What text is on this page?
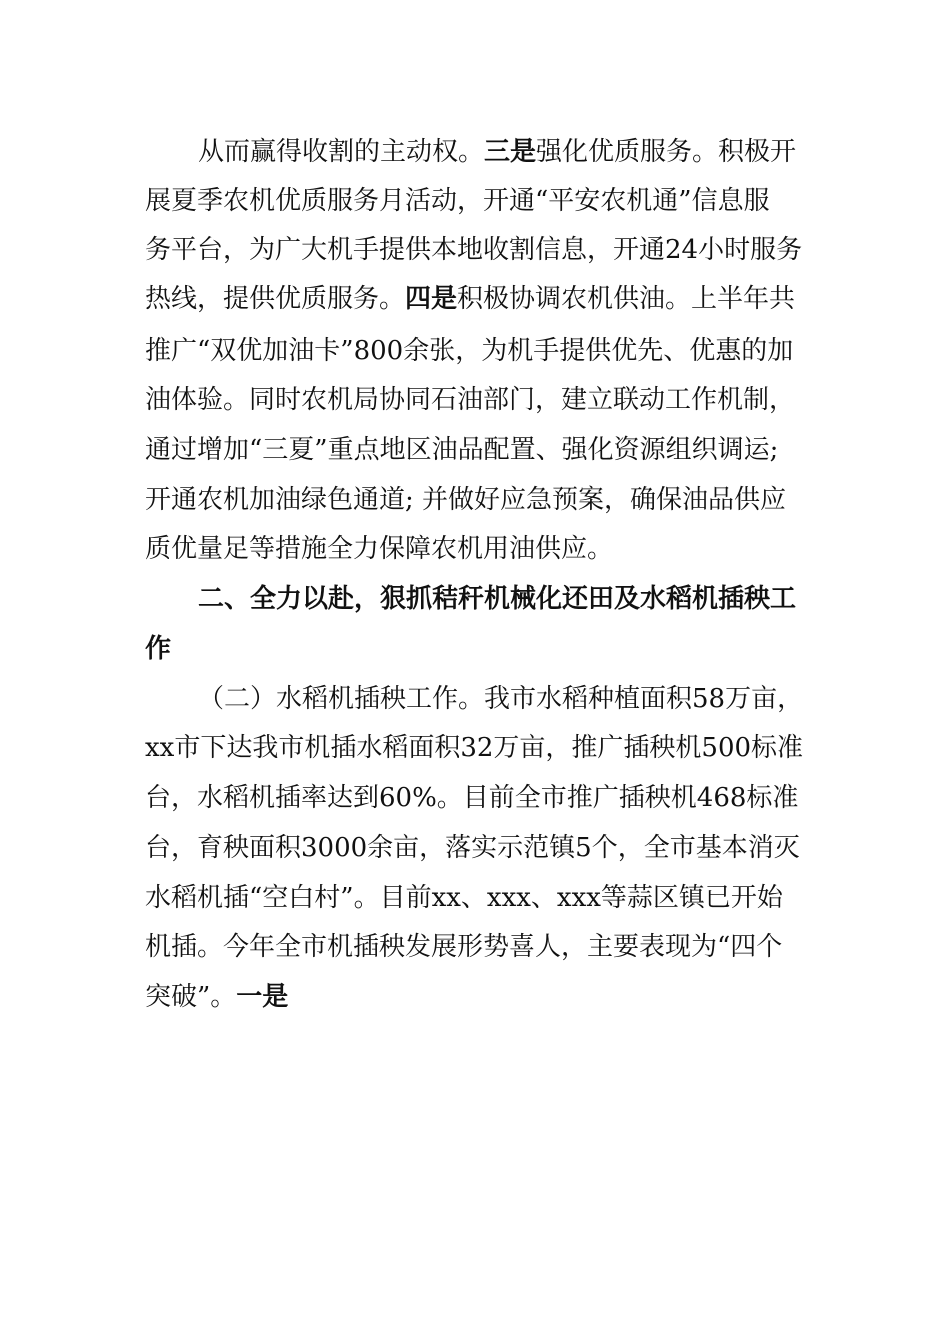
从而赢得收割的主动权。三是强化优质服务。积极开
展夏季农机优质服务月活动，开通“平安农机通”信息服
务平台，为广大机手提供本地收割信息，开通24小时服务
热线，提供优质服务。四是积极协调农机供油。上半年共
推广“双优加油卡”800余张，为机手提供优先、优惠的加
油体验。同时农机局协同石油部门，建立联动工作机制，
通过增加“三夏”重点地区油品配置、强化资源组织调运;
开通农机加油绿色通道; 并做好应急预案，确保油品供应
质优量足等措施全力保障农机用油供应。
二、全力以赴，狠抓秸秆机械化还田及水稻机插秧工
作
（二）水稻机插秧工作。我市水稻种植面积58万亩，
xx市下达我市机插水稻面积32万亩，推广插秧机500标准
台，水稻机插率达到60%。目前全市推广插秧机468标准
台，育秧面积3000余亩，落实示范镇5个，全市基本消灭
水稻机插“空白村”。目前xx、xxx、xxx等蒜区镇已开始
机插。今年全市机插秧发展形势喜人，主要表现为“四个
突破”。一是
